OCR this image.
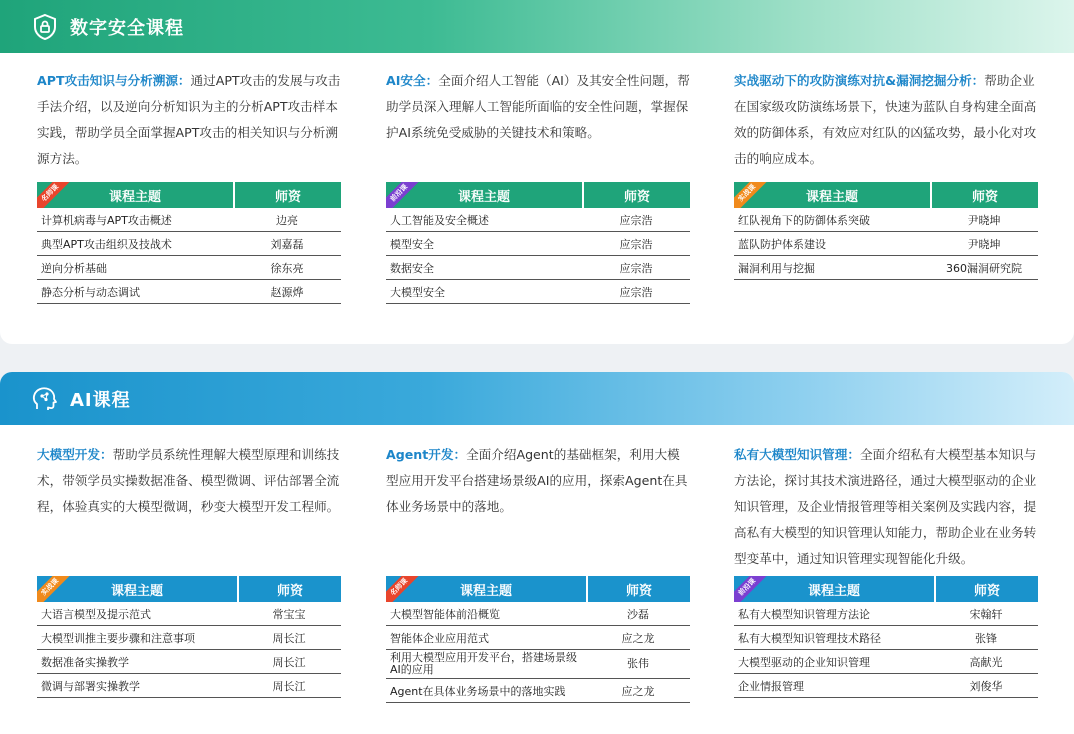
数字安全课程

APT攻击知识与分析溯源：通过APT攻击的发展与攻击手法介绍，以及逆向分析知识为主的分析APT攻击样本实践，帮助学员全面掌握APT攻击的相关知识与分析溯源方法。

课程主题	师资
名师课
计算机病毒与APT攻击概述	边亮
典型APT攻击组织及技战术	刘嘉磊
逆向分析基础	徐东亮
静态分析与动态调试	赵源烨

AI安全：全面介绍人工智能（AI）及其安全性问题，帮助学员深入理解人工智能所面临的安全性问题，掌握保护AI系统免受威胁的关键技术和策略。

课程主题	师资
前沿课
人工智能及安全概述	应宗浩
模型安全	应宗浩
数据安全	应宗浩
大模型安全	应宗浩

实战驱动下的攻防演练对抗&漏洞挖掘分析：帮助企业在国家级攻防演练场景下，快速为蓝队自身构建全面高效的防御体系，有效应对红队的凶猛攻势，最小化对攻击的响应成本。

课程主题	师资
实战课
红队视角下的防御体系突破	尹晓坤
蓝队防护体系建设	尹晓坤
漏洞利用与挖掘	360漏洞研究院
AI课程

大模型开发：帮助学员系统性理解大模型原理和训练技术，带领学员实操数据准备、模型微调、评估部署全流程，体验真实的大模型微调，秒变大模型开发工程师。

课程主题	师资
实战课
大语言模型及提示范式	常宝宝
大模型训推主要步骤和注意事项	周长江
数据准备实操教学	周长江
微调与部署实操教学	周长江

Agent开发：全面介绍Agent的基础框架，利用大模型应用开发平台搭建场景级AI的应用，探索Agent在具体业务场景中的落地。

课程主题	师资
名师课
大模型智能体前沿概览	沙磊
智能体企业应用范式	应之龙
利用大模型应用开发平台，搭建场景级AI的应用	张伟
Agent在具体业务场景中的落地实践	应之龙

私有大模型知识管理：全面介绍私有大模型基本知识与方法论，探讨其技术演进路径，通过大模型驱动的企业知识管理，及企业情报管理等相关案例及实践内容，提高私有大模型的知识管理认知能力，帮助企业在业务转型变革中，通过知识管理实现智能化升级。

课程主题	师资
前沿课
私有大模型知识管理方法论	宋翰轩
私有大模型知识管理技术路径	张锋
大模型驱动的企业知识管理	高献光
企业情报管理	刘俊华
